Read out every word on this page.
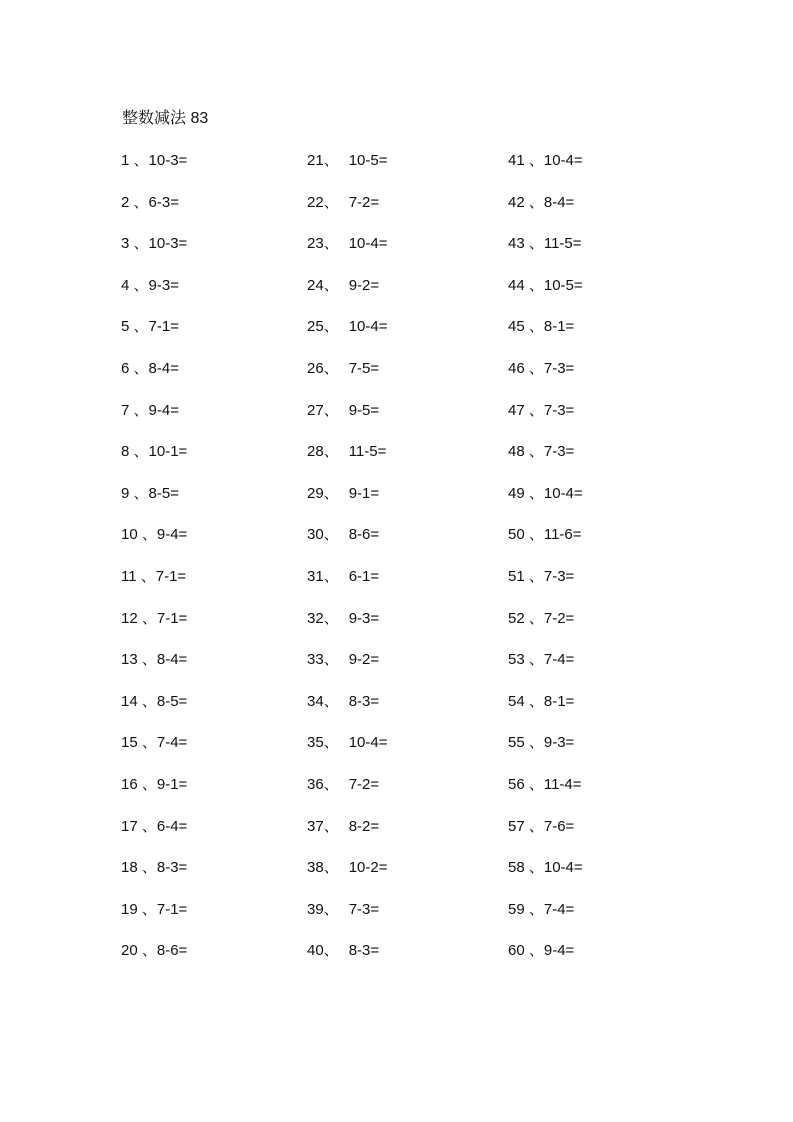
整数减法 83
1 、10-3=
2 、6-3=
3 、10-3=
4 、9-3=
5 、7-1=
6 、8-4=
7 、9-4=
8 、10-1=
9 、8-5=
10 、9-4=
11 、7-1=
12 、7-1=
13 、8-4=
14 、8-5=
15 、7-4=
16 、9-1=
17 、6-4=
18 、8-3=
19 、7-1=
20 、8-6=
21、 10-5=
22、 7-2=
23、 10-4=
24、 9-2=
25、 10-4=
26、 7-5=
27、 9-5=
28、 11-5=
29、 9-1=
30、 8-6=
31、 6-1=
32、 9-3=
33、 9-2=
34、 8-3=
35、 10-4=
36、 7-2=
37、 8-2=
38、 10-2=
39、 7-3=
40、 8-3=
41 、10-4=
42 、8-4=
43 、11-5=
44 、10-5=
45 、8-1=
46 、7-3=
47 、7-3=
48 、7-3=
49 、10-4=
50 、11-6=
51 、7-3=
52 、7-2=
53 、7-4=
54 、8-1=
55 、9-3=
56 、11-4=
57 、7-6=
58 、10-4=
59 、7-4=
60 、9-4=
